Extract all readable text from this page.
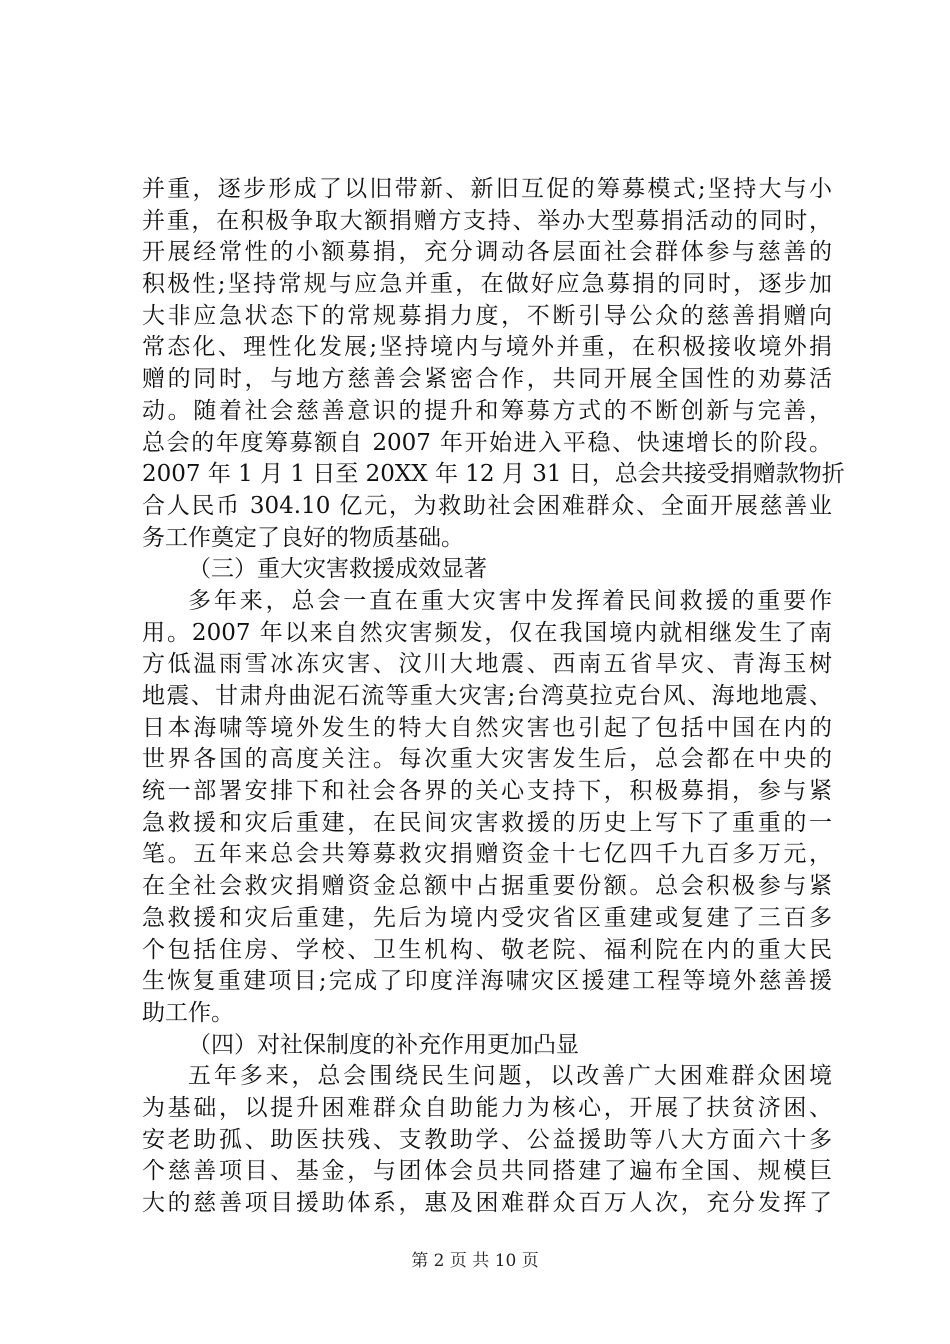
并重，逐步形成了以旧带新、新旧互促的筹募模式;坚持大与小
并重，在积极争取大额捐赠方支持、举办大型募捐活动的同时，
开展经常性的小额募捐，充分调动各层面社会群体参与慈善的
积极性;坚持常规与应急并重，在做好应急募捐的同时，逐步加
大非应急状态下的常规募捐力度，不断引导公众的慈善捐赠向
常态化、理性化发展;坚持境内与境外并重，在积极接收境外捐
赠的同时，与地方慈善会紧密合作，共同开展全国性的劝募活
动。随着社会慈善意识的提升和筹募方式的不断创新与完善，
总会的年度筹募额自 2007 年开始进入平稳、快速增长的阶段。
2007 年 1 月 1 日至 20XX 年 12 月 31 日，总会共接受捐赠款物折
合人民币 304.10 亿元，为救助社会困难群众、全面开展慈善业
务工作奠定了良好的物质基础。
（三）重大灾害救援成效显著
多年来，总会一直在重大灾害中发挥着民间救援的重要作
用。2007 年以来自然灾害频发，仅在我国境内就相继发生了南
方低温雨雪冰冻灾害、汶川大地震、西南五省旱灾、青海玉树
地震、甘肃舟曲泥石流等重大灾害;台湾莫拉克台风、海地地震、
日本海啸等境外发生的特大自然灾害也引起了包括中国在内的
世界各国的高度关注。每次重大灾害发生后，总会都在中央的
统一部署安排下和社会各界的关心支持下，积极募捐，参与紧
急救援和灾后重建，在民间灾害救援的历史上写下了重重的一
笔。五年来总会共筹募救灾捐赠资金十七亿四千九百多万元，
在全社会救灾捐赠资金总额中占据重要份额。总会积极参与紧
急救援和灾后重建，先后为境内受灾省区重建或复建了三百多
个包括住房、学校、卫生机构、敬老院、福利院在内的重大民
生恢复重建项目;完成了印度洋海啸灾区援建工程等境外慈善援
助工作。
（四）对社保制度的补充作用更加凸显
五年多来，总会围绕民生问题，以改善广大困难群众困境
为基础，以提升困难群众自助能力为核心，开展了扶贫济困、
安老助孤、助医扶残、支教助学、公益援助等八大方面六十多
个慈善项目、基金，与团体会员共同搭建了遍布全国、规模巨
大的慈善项目援助体系，惠及困难群众百万人次，充分发挥了
第 2 页 共 10 页
